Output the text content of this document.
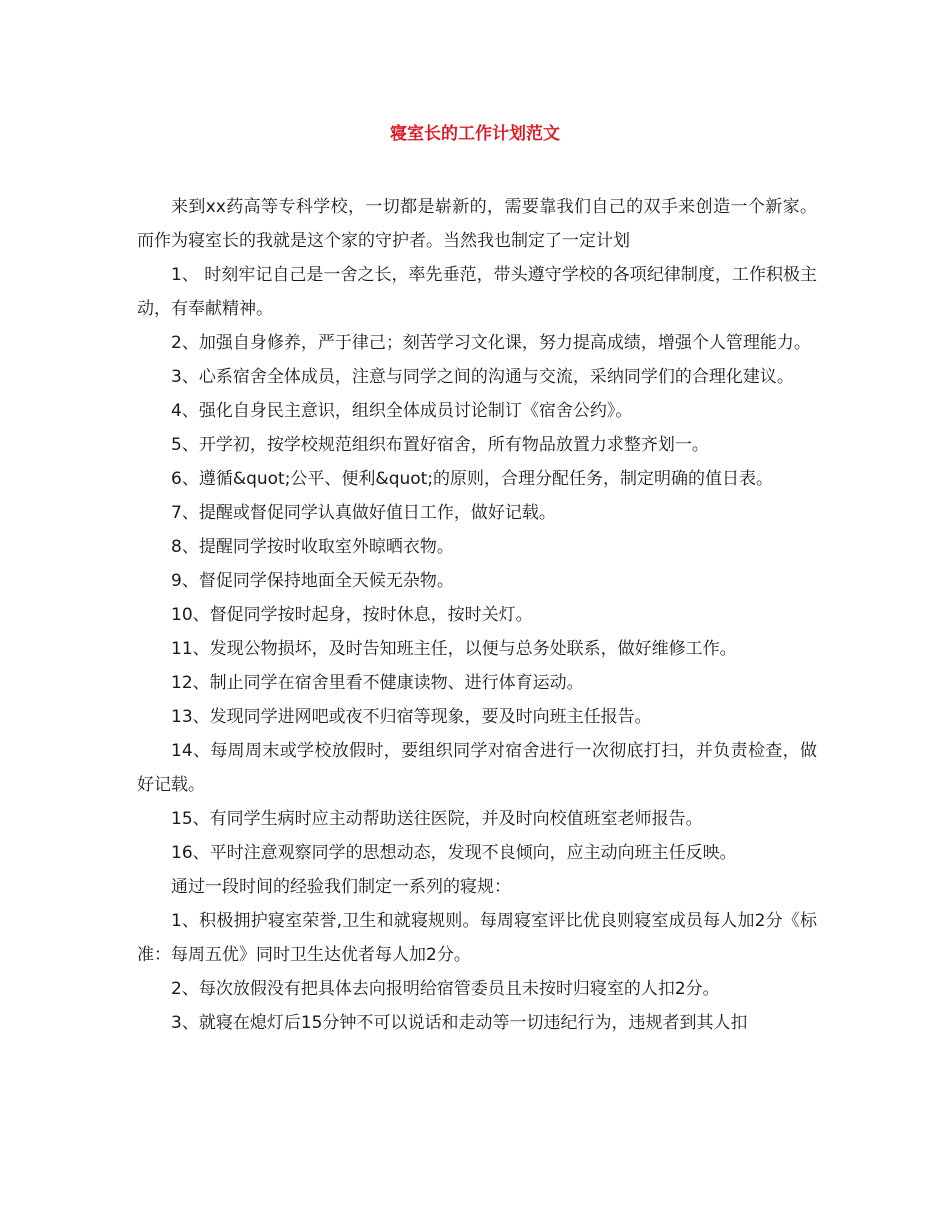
寝室长的工作计划范文

来到xx药高等专科学校，一切都是崭新的，需要靠我们自己的双手来创造一个新家。而作为寝室长的我就是这个家的守护者。当然我也制定了一定计划

1、 时刻牢记自己是一舍之长，率先垂范，带头遵守学校的各项纪律制度，工作积极主动，有奉献精神。

2、加强自身修养，严于律己；刻苦学习文化课，努力提高成绩，增强个人管理能力。

3、心系宿舍全体成员，注意与同学之间的沟通与交流，采纳同学们的合理化建议。

4、强化自身民主意识，组织全体成员讨论制订《宿舍公约》。

5、开学初，按学校规范组织布置好宿舍，所有物品放置力求整齐划一。

6、遵循&quot;公平、便利&quot;的原则，合理分配任务，制定明确的值日表。

7、提醒或督促同学认真做好值日工作，做好记载。

8、提醒同学按时收取室外晾晒衣物。

9、督促同学保持地面全天候无杂物。

10、督促同学按时起身，按时休息，按时关灯。

11、发现公物损坏，及时告知班主任，以便与总务处联系，做好维修工作。

12、制止同学在宿舍里看不健康读物、进行体育运动。

13、发现同学进网吧或夜不归宿等现象，要及时向班主任报告。

14、每周周末或学校放假时，要组织同学对宿舍进行一次彻底打扫，并负责检查，做好记载。

15、有同学生病时应主动帮助送往医院，并及时向校值班室老师报告。

16、平时注意观察同学的思想动态，发现不良倾向，应主动向班主任反映。

通过一段时间的经验我们制定一系列的寝规：

1、积极拥护寝室荣誉,卫生和就寝规则。每周寝室评比优良则寝室成员每人加2分《标准：每周五优》同时卫生达优者每人加2分。

2、每次放假没有把具体去向报明给宿管委员且未按时归寝室的人扣2分。

3、就寝在熄灯后15分钟不可以说话和走动等一切违纪行为，违规者到其人扣
